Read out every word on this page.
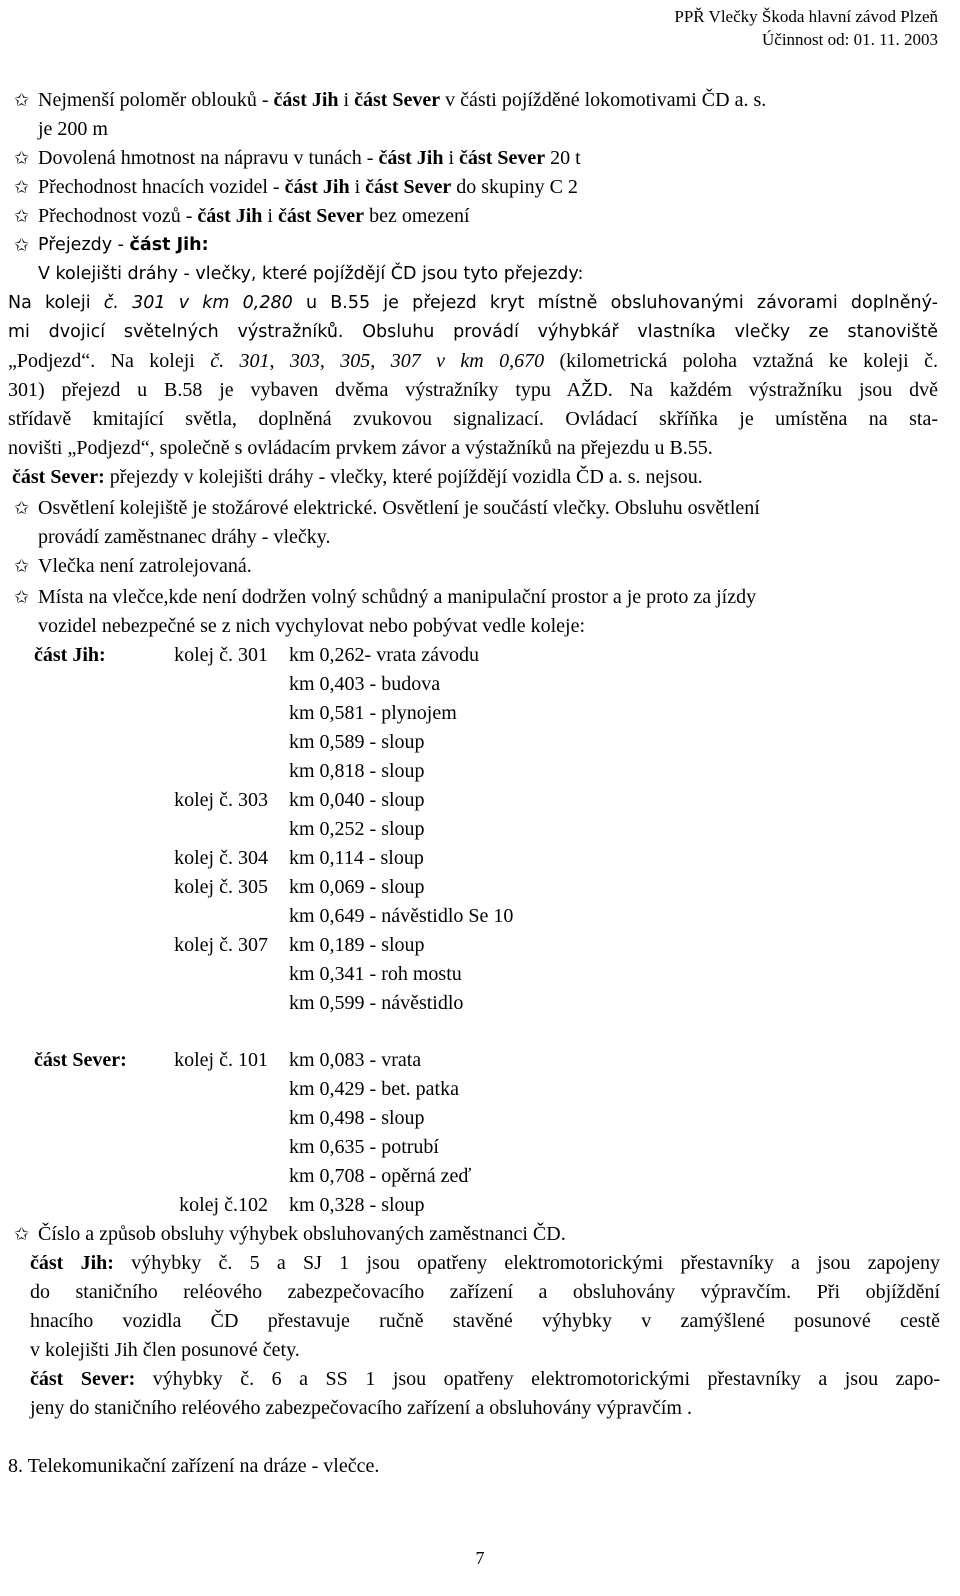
PPŘ Vlečky Škoda hlavní závod Plzeň
Účinnost od: 01. 11. 2003
✩ Nejmenší poloměr oblouků - část Jih i část Sever v části pojížděné lokomotivami ČD a. s.
je 200 m
✩ Dovolená hmotnost na nápravu v tunách - část Jih i část Sever 20 t
✩ Přechodnost hnacích vozidel - část Jih i část Sever do skupiny C 2
✩ Přechodnost vozů - část Jih i část Sever bez omezení
✩ Přejezdy - část Jih:
V kolejišti dráhy - vlečky, které pojíždějí ČD jsou tyto přejezdy:
Na koleji č. 301 v km 0,280 u B.55 je přejezd kryt místně obsluhovanými závorami doplněný-
mi dvojicí světelných výstražníků. Obsluhu provádí výhybkář vlastníka vlečky ze stanoviště
„Podjezd“. Na koleji č. 301, 303, 305, 307 v km 0,670 (kilometrická poloha vztažná ke koleji č.
301) přejezd u B.58 je vybaven dvěma výstražníky typu AŽD. Na každém výstražníku jsou dvě
střídavě kmitající světla, doplněná zvukovou signalizací. Ovládací skříňka je umístěna na sta-
novišti „Podjezd“, společně s ovládacím prvkem závor a výstažníků na přejezdu u B.55.
část Sever: přejezdy v kolejišti dráhy - vlečky, které pojíždějí vozidla ČD a. s. nejsou.
✩ Osvětlení kolejiště je stožárové elektrické. Osvětlení je součástí vlečky. Obsluhu osvětlení
provádí zaměstnanec dráhy - vlečky.
✩ Vlečka není zatrolejovaná.
✩ Místa na vlečce,kde není dodržen volný schůdný a manipulační prostor a je proto za jízdy
vozidel nebezpečné se z nich vychylovat nebo pobývat vedle koleje:
část Jih:
část Sever:
kolej č. 301 km 0,262- vrata závodu
km 0,403 - budova
km 0,581 - plynojem
km 0,589 - sloup
km 0,818 - sloup
kolej č. 303 km 0,040 - sloup
km 0,252 - sloup
kolej č. 304 km 0,114 - sloup
kolej č. 305 km 0,069 - sloup
km 0,649 - návěstidlo Se 10
kolej č. 307 km 0,189 - sloup
km 0,341 - roh mostu
km 0,599 - návěstidlo
kolej č. 101 km 0,083 - vrata
km 0,429 - bet. patka
km 0,498 - sloup
km 0,635 - potrubí
km 0,708 - opěrná zeď
kolej č.102 km 0,328 - sloup
✩ Číslo a způsob obsluhy výhybek obsluhovaných zaměstnanci ČD.
část Jih: výhybky č. 5 a SJ 1 jsou opatřeny elektromotorickými přestavníky a jsou zapojeny
do staničního reléového zabezpečovacího zařízení a obsluhovány výpravčím. Při objíždění
hnacího vozidla ČD přestavuje ručně stavěné výhybky v zamýšlené posunové cestě
v kolejišti Jih člen posunové čety.
část Sever: výhybky č. 6 a SS 1 jsou opatřeny elektromotorickými přestavníky a jsou zapo-
jeny do staničního reléového zabezpečovacího zařízení a obsluhovány výpravčím .
8. Telekomunikační zařízení na dráze - vlečce.
7
